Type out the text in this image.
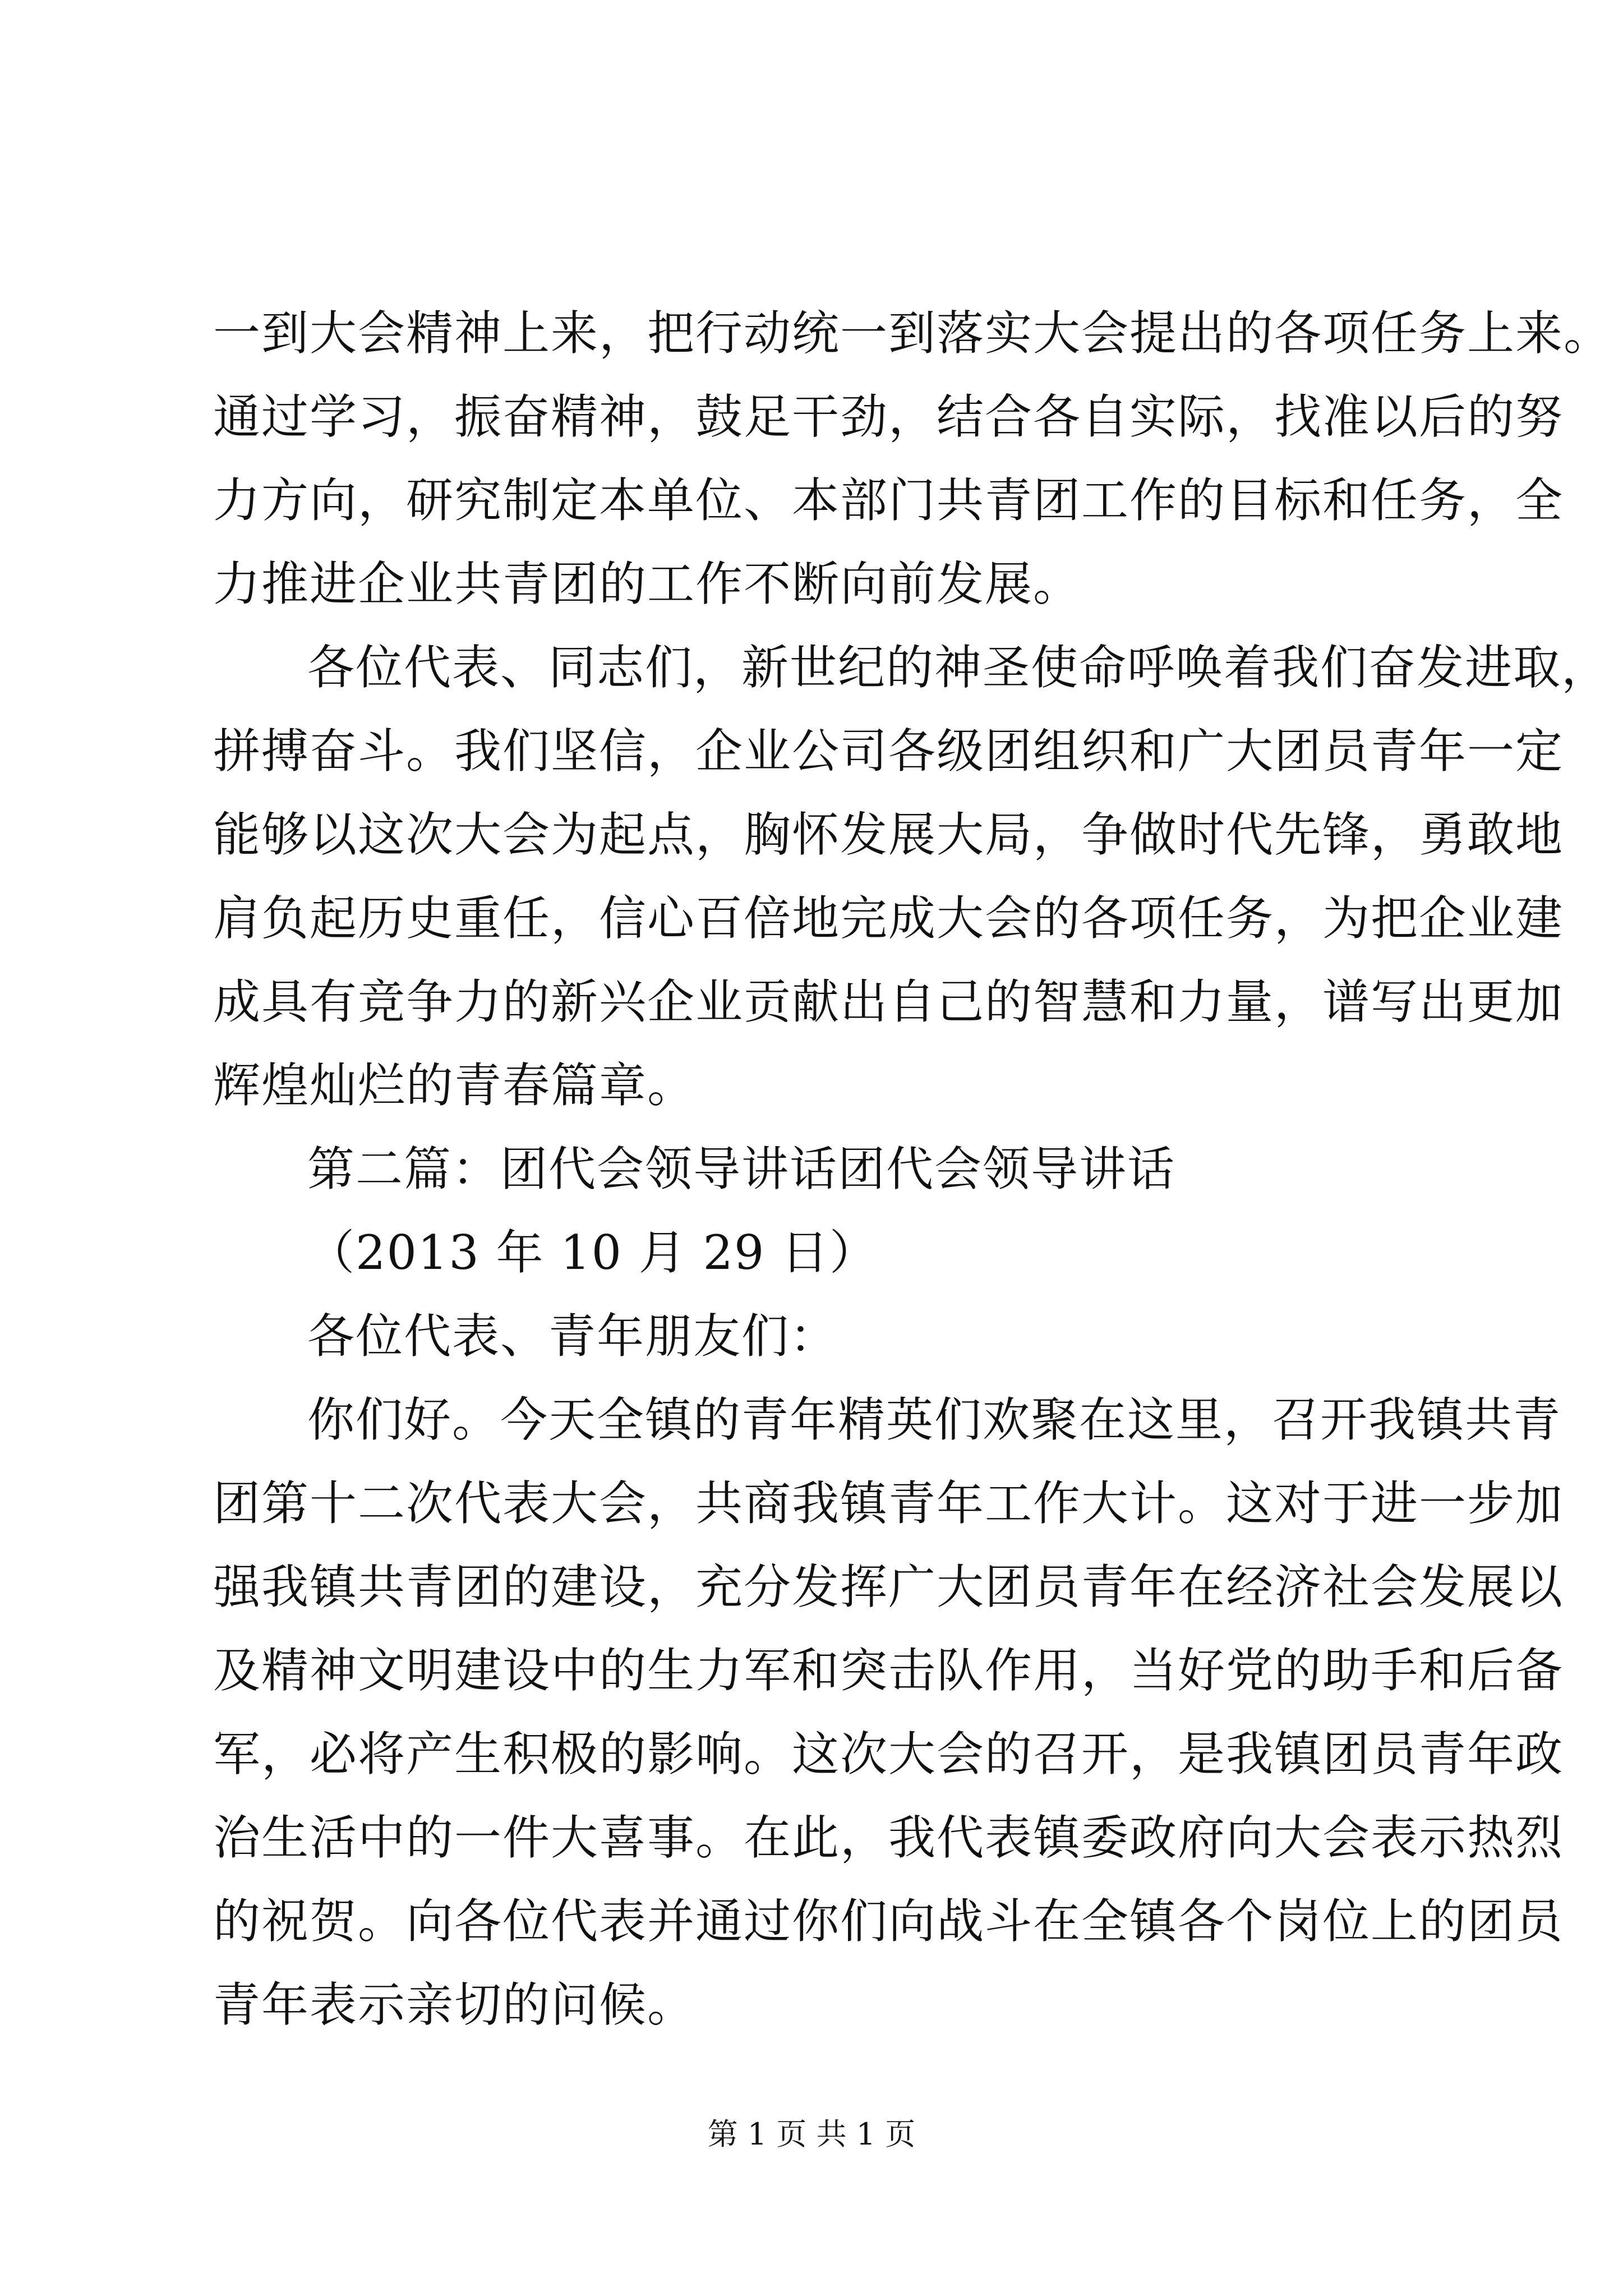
一到大会精神上来，把行动统一到落实大会提出的各项任务上来。
通过学习，振奋精神，鼓足干劲，结合各自实际，找准以后的努
力方向，研究制定本单位、本部门共青团工作的目标和任务，全
力推进企业共青团的工作不断向前发展。
各位代表、同志们，新世纪的神圣使命呼唤着我们奋发进取，
拼搏奋斗。我们坚信，企业公司各级团组织和广大团员青年一定
能够以这次大会为起点，胸怀发展大局，争做时代先锋，勇敢地
肩负起历史重任，信心百倍地完成大会的各项任务，为把企业建
成具有竞争力的新兴企业贡献出自己的智慧和力量，谱写出更加
辉煌灿烂的青春篇章。
第二篇：团代会领导讲话团代会领导讲话
（2013 年 10 月 29 日）
各位代表、青年朋友们：
你们好。今天全镇的青年精英们欢聚在这里，召开我镇共青
团第十二次代表大会，共商我镇青年工作大计。这对于进一步加
强我镇共青团的建设，充分发挥广大团员青年在经济社会发展以
及精神文明建设中的生力军和突击队作用，当好党的助手和后备
军，必将产生积极的影响。这次大会的召开，是我镇团员青年政
治生活中的一件大喜事。在此，我代表镇委政府向大会表示热烈
的祝贺。向各位代表并通过你们向战斗在全镇各个岗位上的团员
青年表示亲切的问候。
第 1 页 共 1 页
